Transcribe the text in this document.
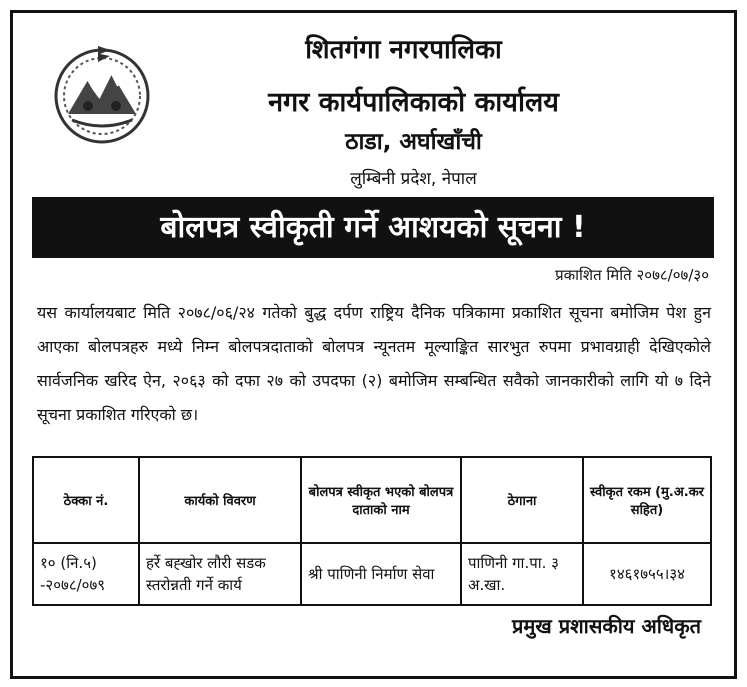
शितगंगा नगरपालिका
नगर कार्यपालिकाको कार्यालय
ठाडा, अर्घाखाँची
लुम्बिनी प्रदेश, नेपाल
बोलपत्र स्वीकृती गर्ने आशयको सूचना !
प्रकाशित मिति २०७८/०७/३०
यस कार्यालयबाट मिति २०७८/०६/२४ गतेको बुद्ध दर्पण राष्ट्रिय दैनिक पत्रिकामा प्रकाशित सूचना बमोजिम पेश हुन आएका बोलपत्रहरु मध्ये निम्न बोलपत्रदाताको बोलपत्र न्यूनतम मूल्याङ्कित सारभुत रुपमा प्रभावग्राही देखिएकोले सार्वजनिक खरिद ऐन, २०६३ को दफा २७ को उपदफा (२) बमोजिम सम्बन्धित सवैको जानकारीको लागि यो ७ दिने सूचना प्रकाशित गरिएको छ।
ठेक्का नं.	कार्यको विवरण	बोलपत्र स्वीकृत भएको बोलपत्र दाताको नाम	ठेगाना	स्वीकृत रकम (मु.अ.कर सहित)
१० (नि.५) -२०७८/०७९	हर्रे बह्खोर लौरी सडक स्तरोन्नती गर्ने कार्य	श्री पाणिनी निर्माण सेवा	पाणिनी गा.पा. ३ अ.खा.	१४६१७५५।३४
प्रमुख प्रशासकीय अधिकृत
